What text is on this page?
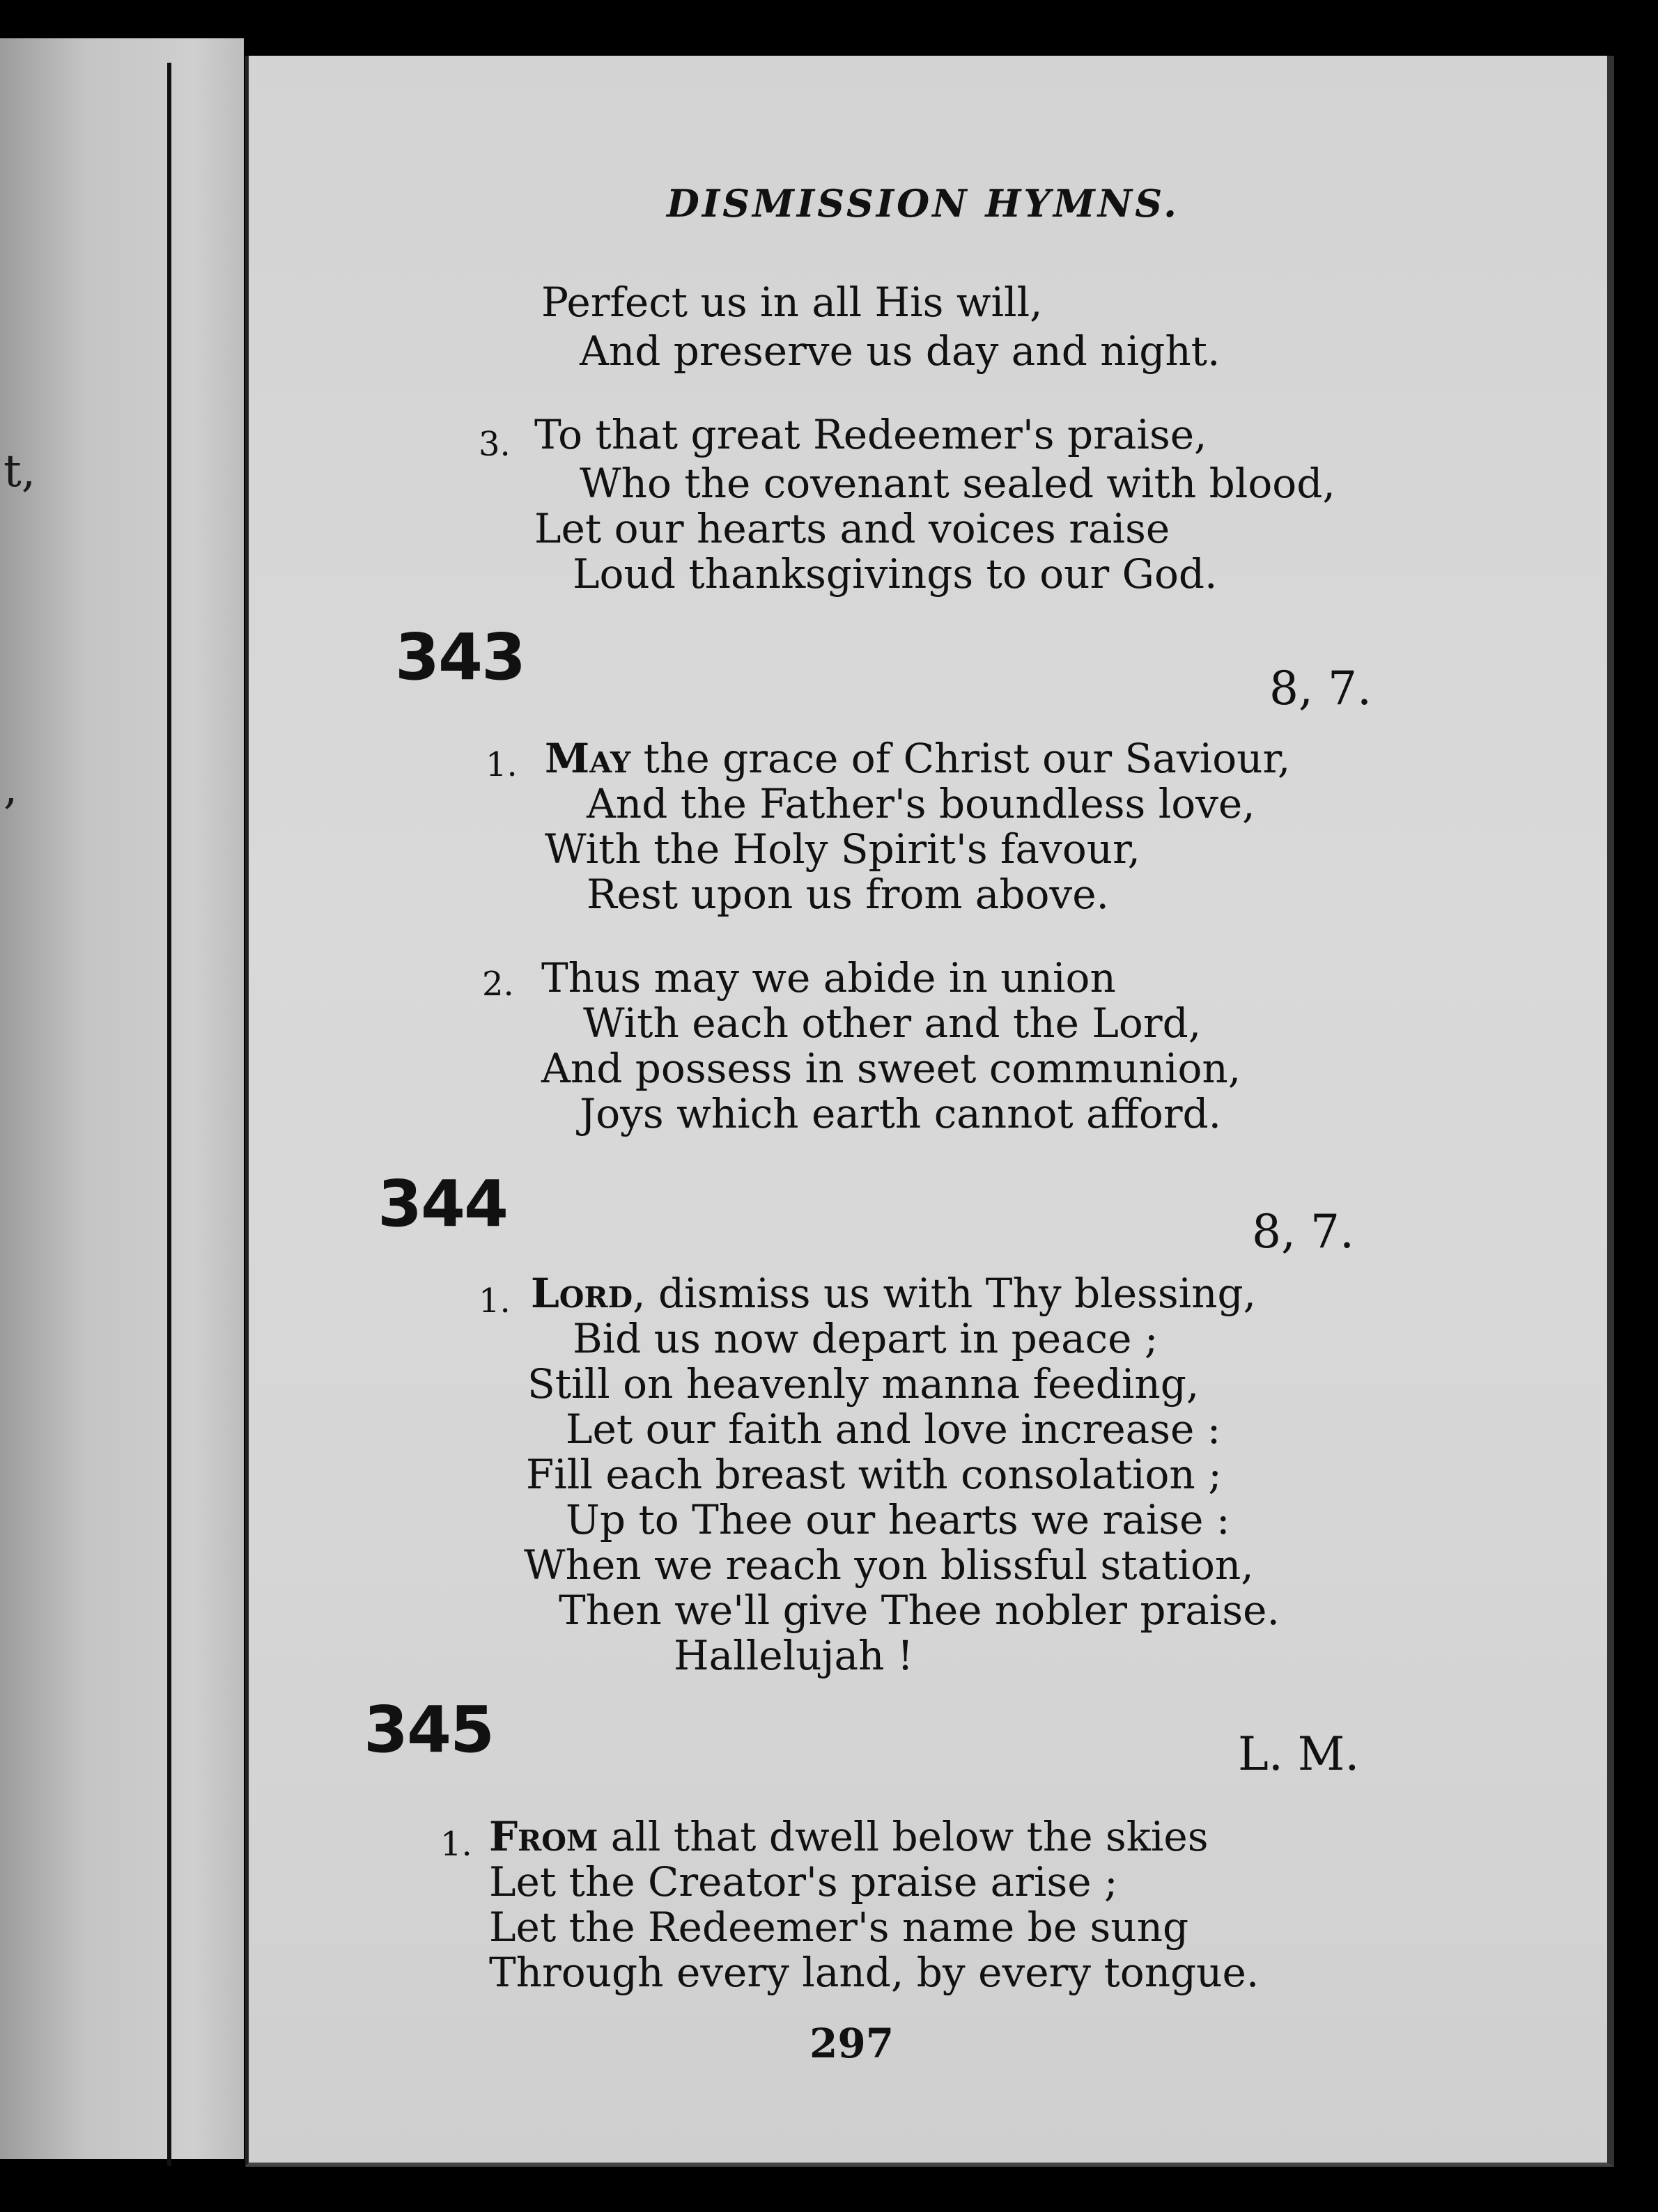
t,
,
DISMISSION HYMNS.
Perfect us in all His will,
And preserve us day and night.
3. To that great Redeemer's praise,
Who the covenant sealed with blood,
Let our hearts and voices raise
Loud thanksgivings to our God.
343	8, 7.
1. May the grace of Christ our Saviour,
And the Father's boundless love,
With the Holy Spirit's favour,
Rest upon us from above.
2. Thus may we abide in union
With each other and the Lord,
And possess in sweet communion,
Joys which earth cannot afford.
344	8, 7.
1. Lord, dismiss us with Thy blessing,
Bid us now depart in peace ;
Still on heavenly manna feeding,
Let our faith and love increase :
Fill each breast with consolation ;
Up to Thee our hearts we raise :
When we reach yon blissful station,
Then we'll give Thee nobler praise.
Hallelujah !
345	L. M.
1. From all that dwell below the skies
Let the Creator's praise arise ;
Let the Redeemer's name be sung
Through every land, by every tongue.
297
